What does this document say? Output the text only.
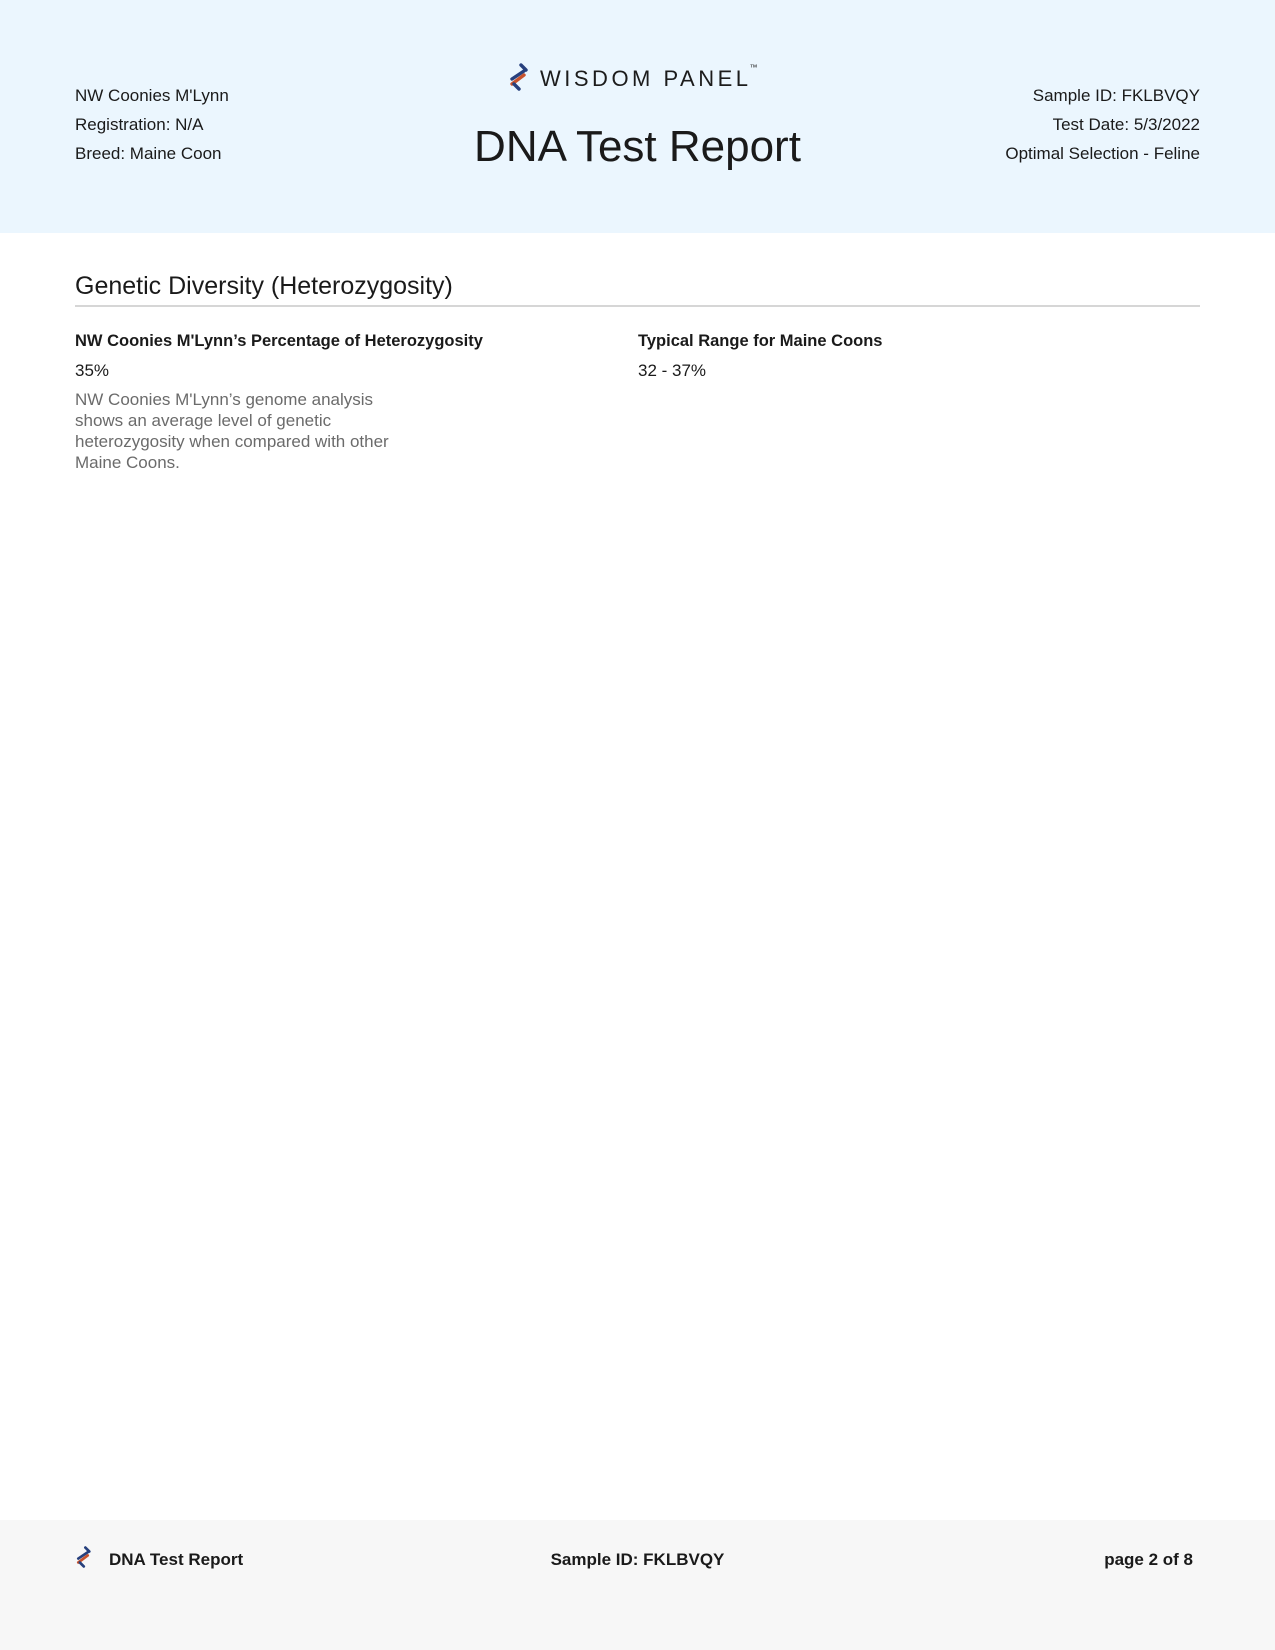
NW Coonies M'Lynn
Registration: N/A
Breed: Maine Coon
WISDOM PANEL™
DNA Test Report
Sample ID: FKLBVQY
Test Date: 5/3/2022
Optimal Selection - Feline
Genetic Diversity (Heterozygosity)
NW Coonies M'Lynn’s Percentage of Heterozygosity
35%
NW Coonies M'Lynn’s genome analysis shows an average level of genetic heterozygosity when compared with other Maine Coons.
Typical Range for Maine Coons
32 - 37%
DNA Test Report	Sample ID: FKLBVQY	page 2 of 8
